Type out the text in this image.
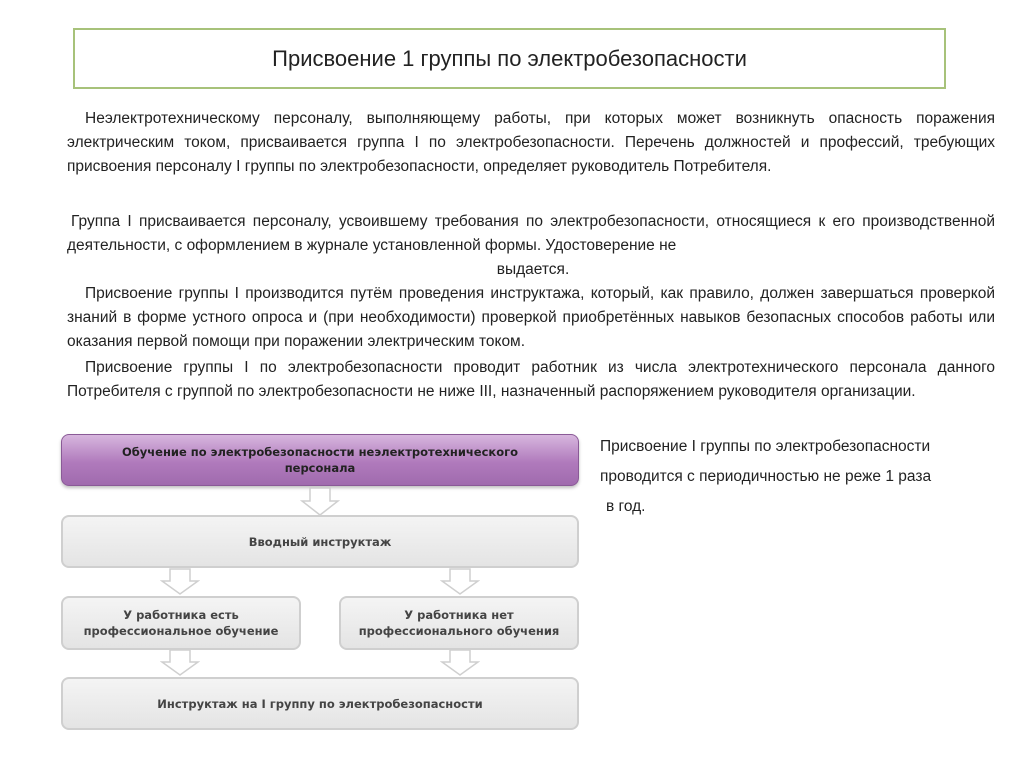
Присвоение 1 группы по электробезопасности

Неэлектротехническому персоналу, выполняющему работы, при которых может возникнуть опасность поражения электрическим током, присваивается группа I по электробезопасности. Перечень должностей и профессий, требующих присвоения персоналу I группы по электробезопасности, определяет руководитель Потребителя.

Группа I присваивается персоналу, усвоившему требования по электробезопасности, относящиеся к его производственной деятельности, с оформлением в журнале установленной формы. Удостоверение не
выдается.

Присвоение группы I производится путём проведения инструктажа, который, как правило, должен завершаться проверкой знаний в форме устного опроса и (при необходимости) проверкой приобретённых навыков безопасных способов работы или оказания первой помощи при поражении электрическим током.

Присвоение группы I по электробезопасности проводит работник из числа электротехнического персонала данного Потребителя с группой по электробезопасности не ниже III, назначенный распоряжением руководителя организации.

Присвоение I группы по электробезопасности
проводится с периодичностью не реже 1 раза
в год.
Обучение по электробезопасности неэлектротехнического персонала
Вводный инструктаж
У работника есть профессиональное обучение
У работника нет профессионального обучения
Инструктаж на I группу по электробезопасности
